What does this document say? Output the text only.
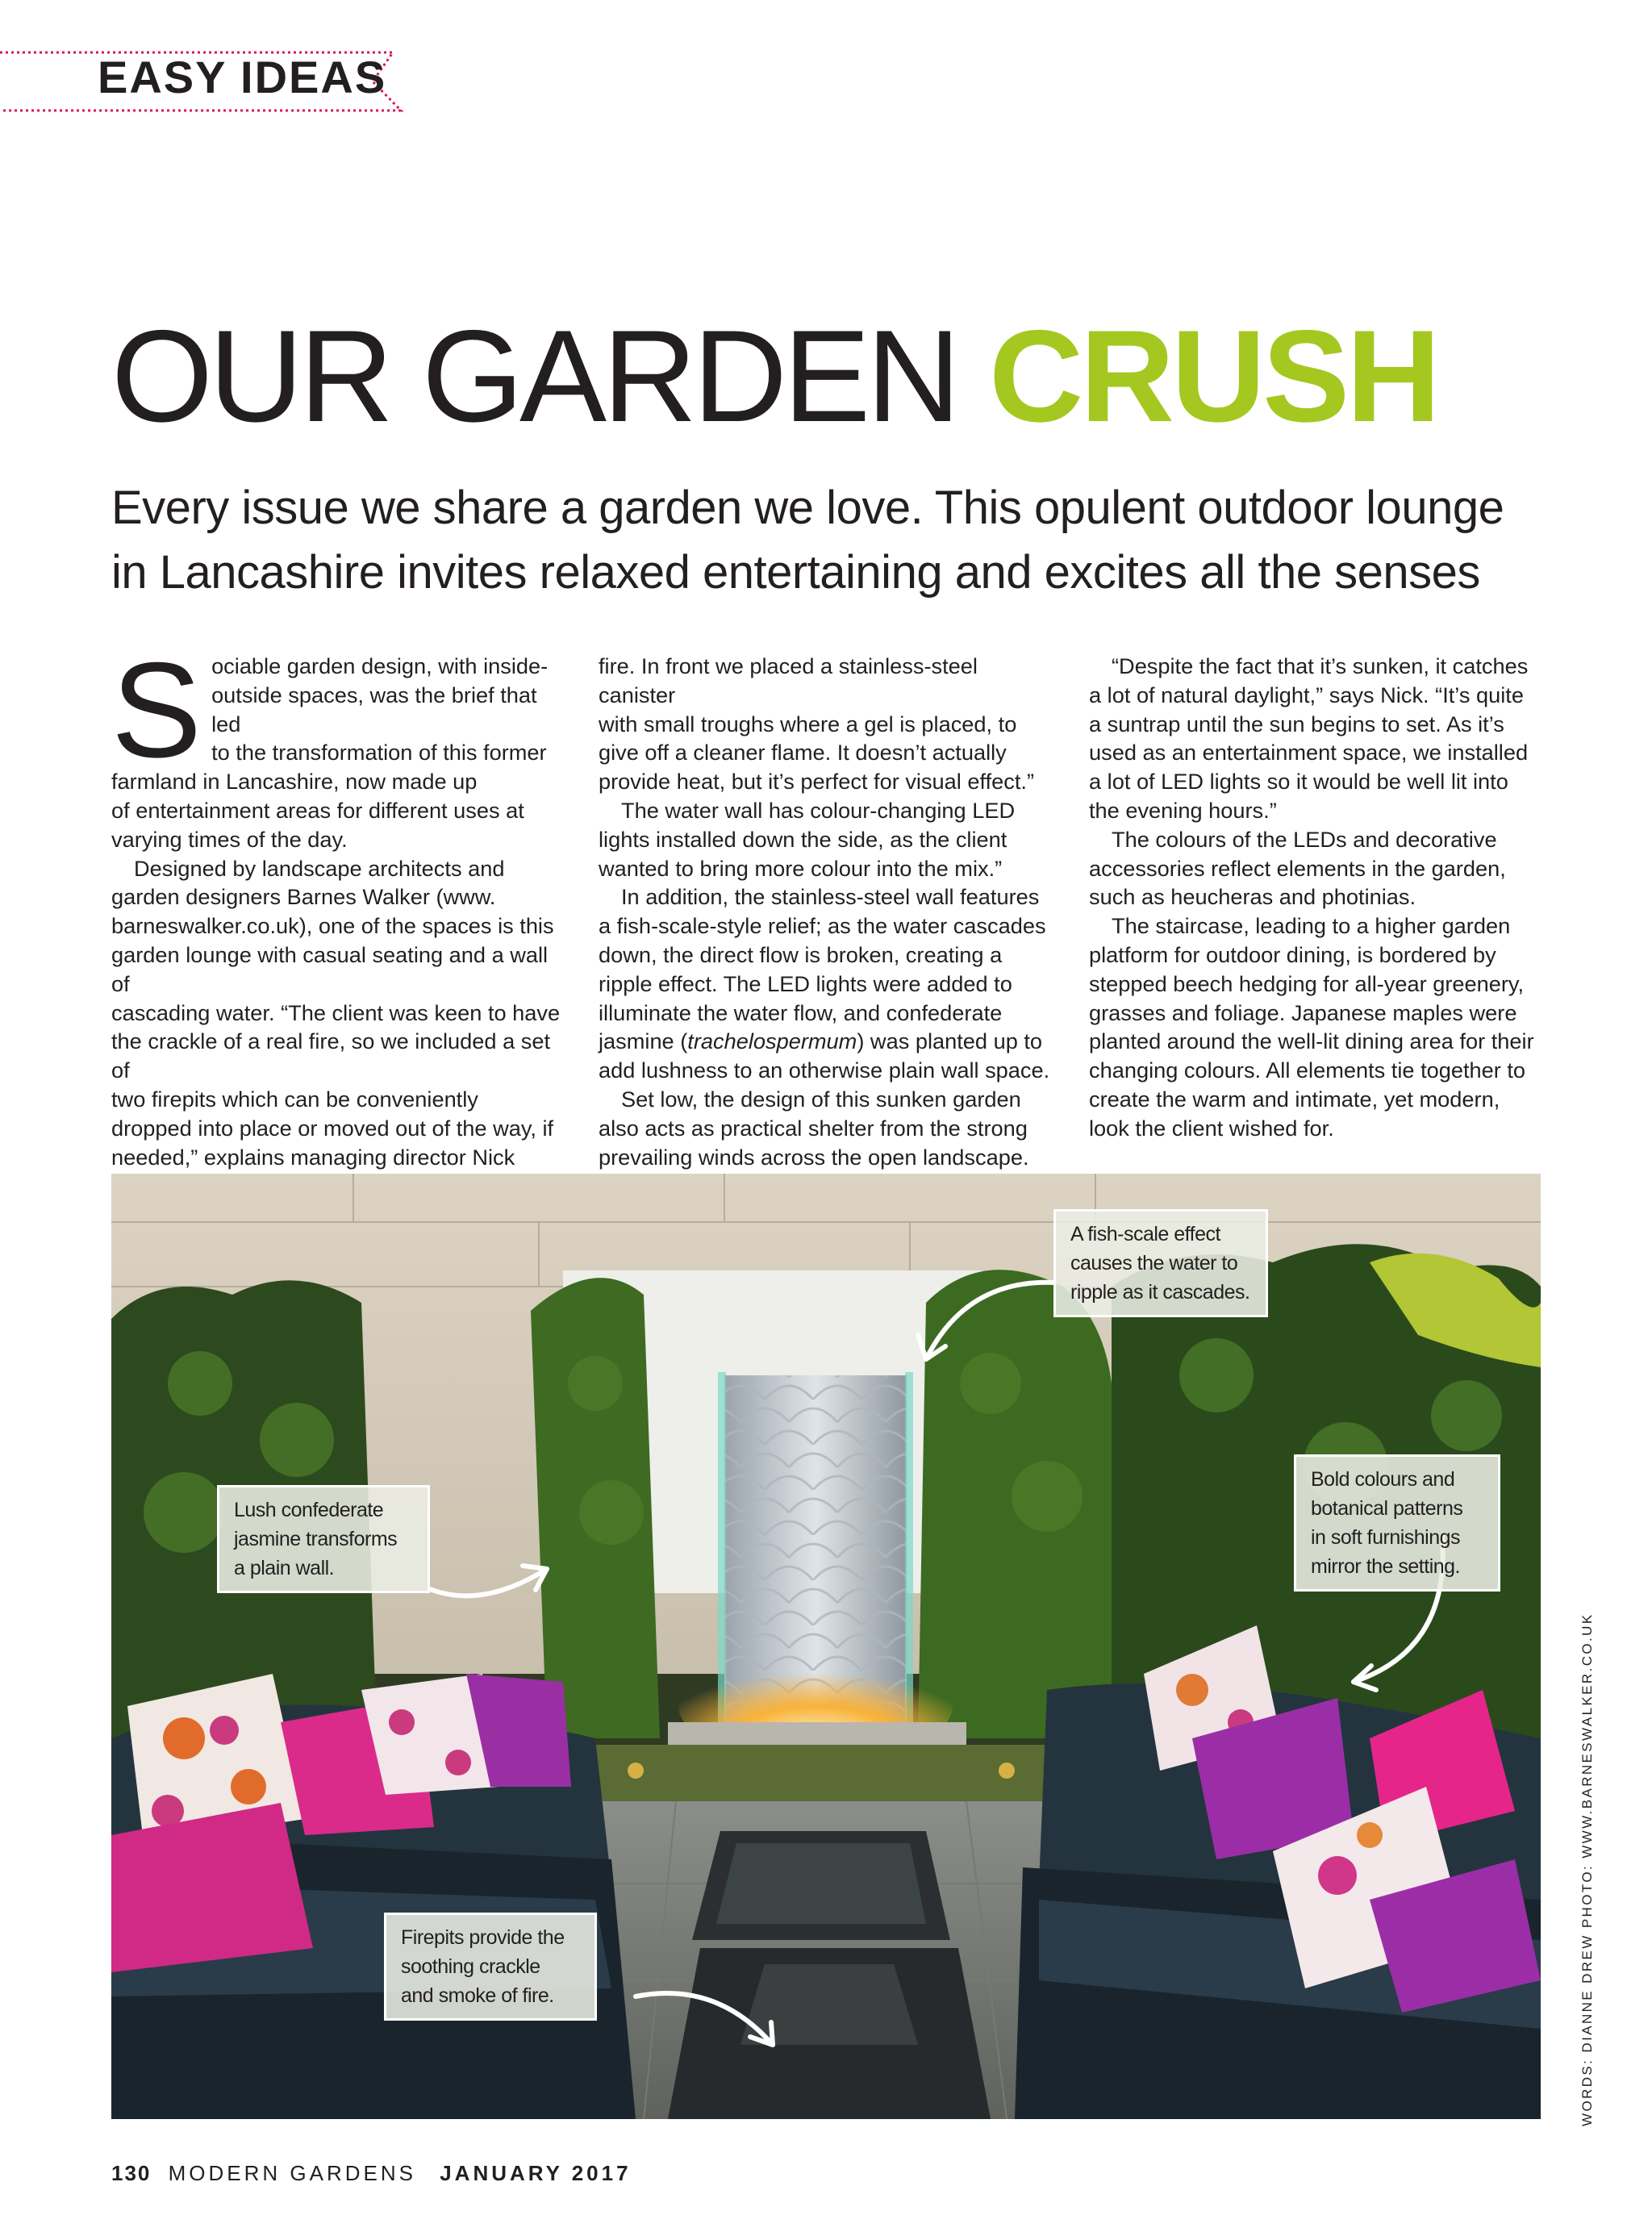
EASY IDEAS
OUR GARDEN CRUSH
Every issue we share a garden we love. This opulent outdoor lounge
in Lancashire invites relaxed entertaining and excites all the senses
S ociable garden design, with inside-
outside spaces, was the brief that led
to the transformation of this former
farmland in Lancashire, now made up
of entertainment areas for different uses at
varying times of the day.
Designed by landscape architects and
garden designers Barnes Walker (www.
barneswalker.co.uk), one of the spaces is this
garden lounge with casual seating and a wall of
cascading water. “The client was keen to have
the crackle of a real fire, so we included a set of
two firepits which can be conveniently
dropped into place or moved out of the way, if
needed,” explains managing director Nick
fire. In front we placed a stainless-steel canister
with small troughs where a gel is placed, to
give off a cleaner flame. It doesn’t actually
provide heat, but it’s perfect for visual effect.”
The water wall has colour-changing LED
lights installed down the side, as the client
wanted to bring more colour into the mix.”
In addition, the stainless-steel wall features
a fish-scale-style relief; as the water cascades
down, the direct flow is broken, creating a
ripple effect. The LED lights were added to
illuminate the water flow, and confederate
jasmine (trachelospermum) was planted up to
add lushness to an otherwise plain wall space.
Set low, the design of this sunken garden
also acts as practical shelter from the strong
prevailing winds across the open landscape.
“Despite the fact that it’s sunken, it catches
a lot of natural daylight,” says Nick. “It’s quite
a suntrap until the sun begins to set. As it’s
used as an entertainment space, we installed
a lot of LED lights so it would be well lit into
the evening hours.”
The colours of the LEDs and decorative
accessories reflect elements in the garden,
such as heucheras and photinias.
The staircase, leading to a higher garden
platform for outdoor dining, is bordered by
stepped beech hedging for all-year greenery,
grasses and foliage. Japanese maples were
planted around the well-lit dining area for their
changing colours. All elements tie together to
create the warm and intimate, yet modern,
look the client wished for.
A fish-scale effect
causes the water to
ripple as it cascades.
Lush confederate
jasmine transforms
a plain wall.
Bold colours and
botanical patterns
in soft furnishings
mirror the setting.
Firepits provide the
soothing crackle
and smoke of fire.	WORDS: DIANNE DREW PHOTO: WWW.BARNESWALKER.CO.UK
130 MODERN GARDENS JANUARY 2017
